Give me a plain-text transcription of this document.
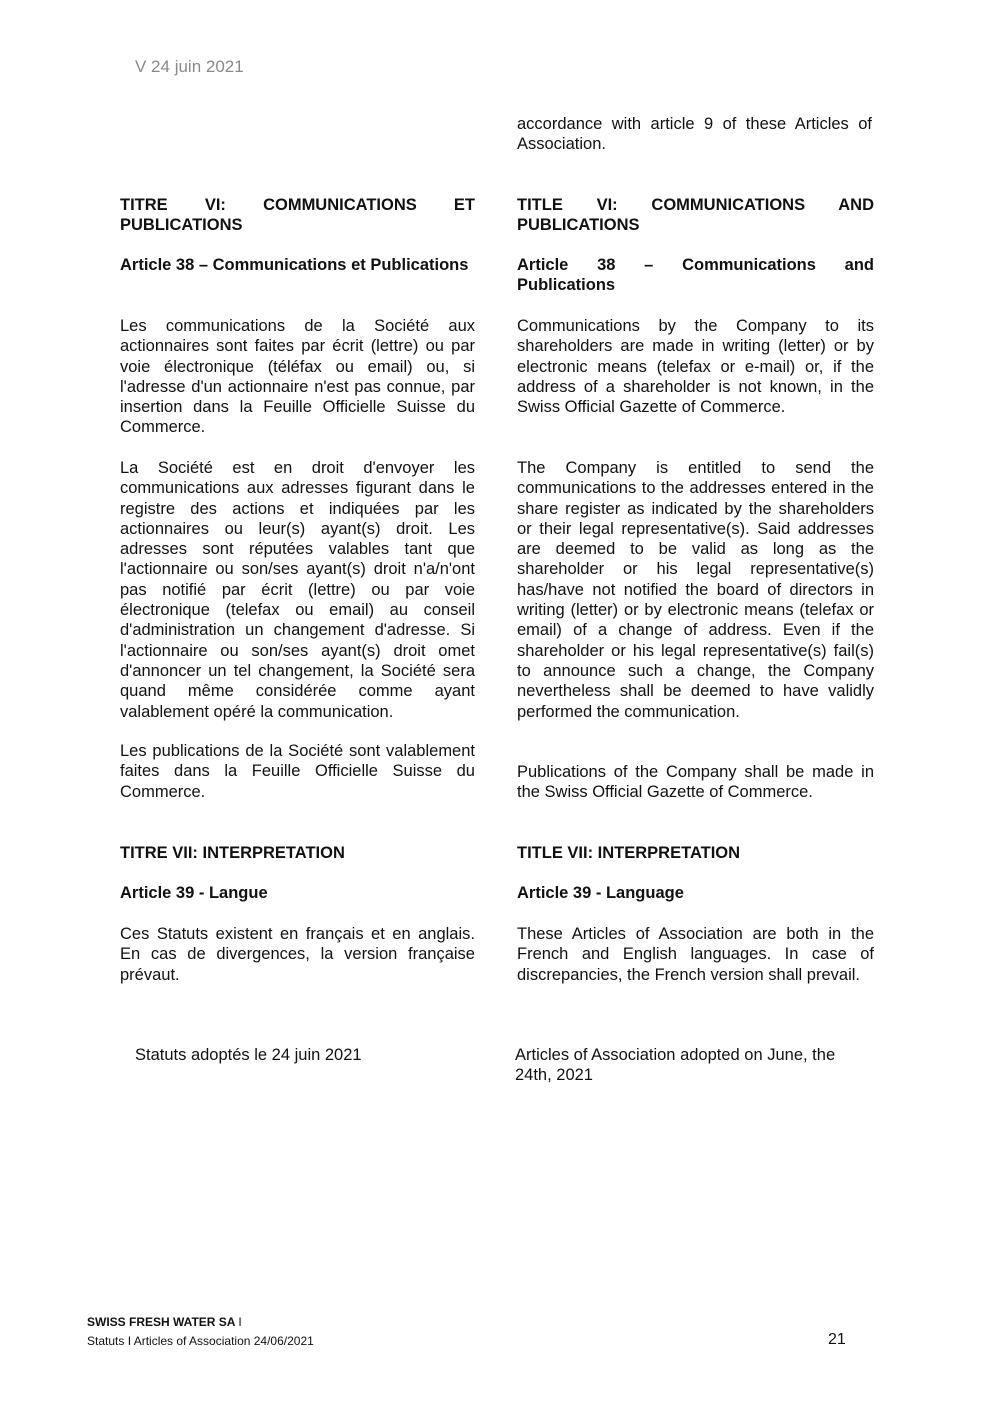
V 24 juin 2021

accordance with article 9 of these Articles of Association.

TITRE VI: COMMUNICATIONS ET PUBLICATIONS

Article 38 – Communications et Publications

Les communications de la Société aux actionnaires sont faites par écrit (lettre) ou par voie électronique (téléfax ou email) ou, si l'adresse d'un actionnaire n'est pas connue, par insertion dans la Feuille Officielle Suisse du Commerce.

La Société est en droit d'envoyer les communications aux adresses figurant dans le registre des actions et indiquées par les actionnaires ou leur(s) ayant(s) droit. Les adresses sont réputées valables tant que l'actionnaire ou son/ses ayant(s) droit n'a/n'ont pas notifié par écrit (lettre) ou par voie électronique (telefax ou email) au conseil d'administration un changement d'adresse. Si l'actionnaire ou son/ses ayant(s) droit omet d'annoncer un tel changement, la Société sera quand même considérée comme ayant valablement opéré la communication.

Les publications de la Société sont valablement faites dans la Feuille Officielle Suisse du Commerce.

TITRE VII: INTERPRETATION

Article 39 - Langue

Ces Statuts existent en français et en anglais. En cas de divergences, la version française prévaut.

TITLE VI: COMMUNICATIONS AND PUBLICATIONS

Article 38 – Communications and Publications

Communications by the Company to its shareholders are made in writing (letter) or by electronic means (telefax or e-mail) or, if the address of a shareholder is not known, in the Swiss Official Gazette of Commerce.

The Company is entitled to send the communications to the addresses entered in the share register as indicated by the shareholders or their legal representative(s). Said addresses are deemed to be valid as long as the shareholder or his legal representative(s) has/have not notified the board of directors in writing (letter) or by electronic means (telefax or email) of a change of address. Even if the shareholder or his legal representative(s) fail(s) to announce such a change, the Company nevertheless shall be deemed to have validly performed the communication.

Publications of the Company shall be made in the Swiss Official Gazette of Commerce.

TITLE VII: INTERPRETATION

Article 39 - Language

These Articles of Association are both in the French and English languages. In case of discrepancies, the French version shall prevail.

Statuts adoptés le 24 juin 2021	Articles of Association adopted on June, the 24th, 2021

SWISS FRESH WATER SA I
Statuts I Articles of Association 24/06/2021	21
